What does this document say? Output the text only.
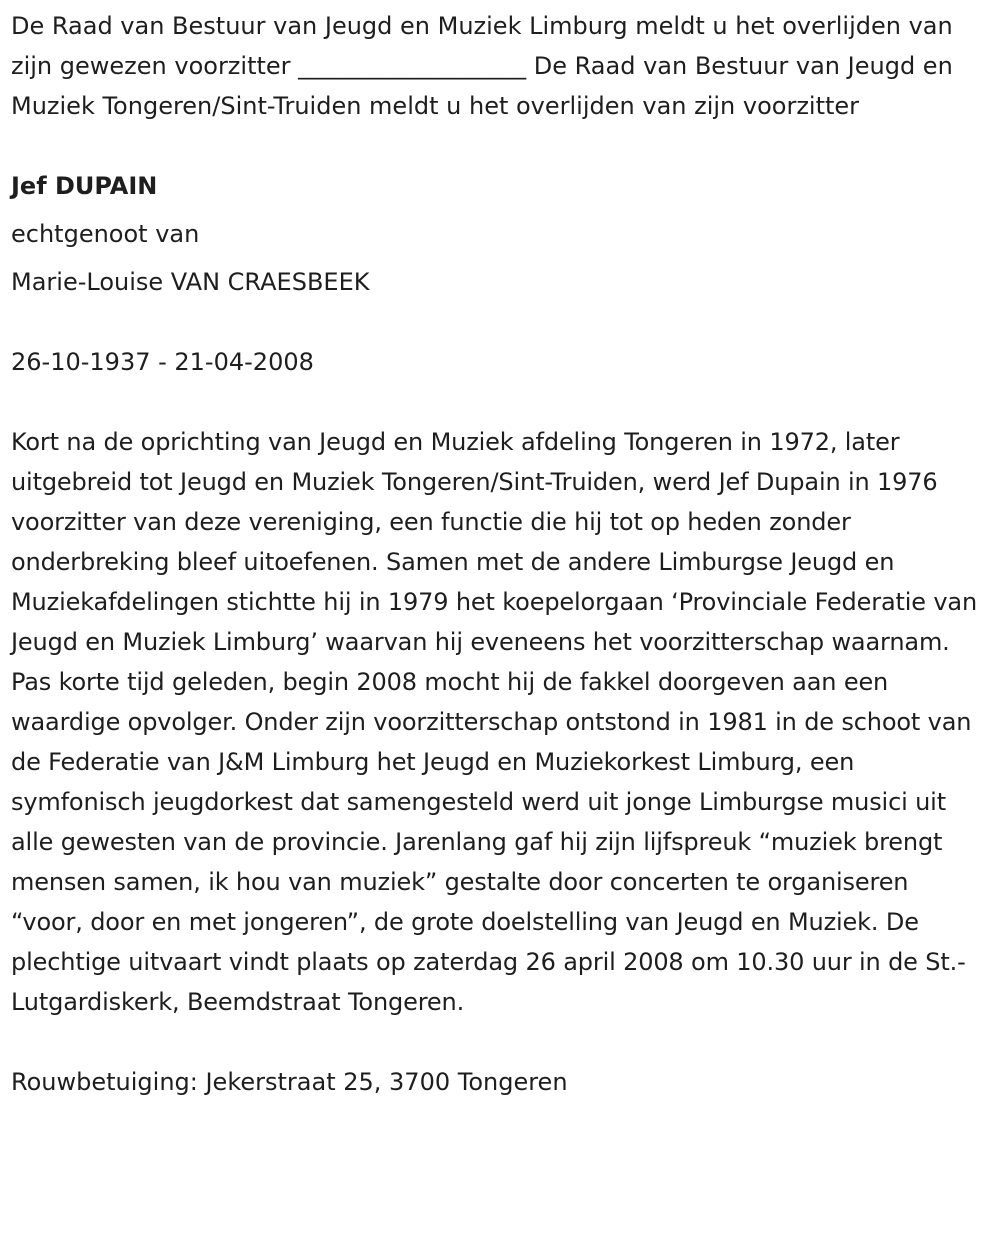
De Raad van Bestuur van Jeugd en Muziek Limburg meldt u het overlijden van zijn gewezen voorzitter ___________________ De Raad van Bestuur van Jeugd en Muziek Tongeren/Sint-Truiden meldt u het overlijden van zijn voorzitter

Jef DUPAIN

echtgenoot van

Marie-Louise VAN CRAESBEEK

26-10-1937 - 21-04-2008

Kort na de oprichting van Jeugd en Muziek afdeling Tongeren in 1972, later uitgebreid tot Jeugd en Muziek Tongeren/Sint-Truiden, werd Jef Dupain in 1976 voorzitter van deze vereniging, een functie die hij tot op heden zonder onderbreking bleef uitoefenen. Samen met de andere Limburgse Jeugd en Muziekafdelingen stichtte hij in 1979 het koepelorgaan ‘Provinciale Federatie van Jeugd en Muziek Limburg’ waarvan hij eveneens het voorzitterschap waarnam. Pas korte tijd geleden, begin 2008 mocht hij de fakkel doorgeven aan een waardige opvolger. Onder zijn voorzitterschap ontstond in 1981 in de schoot van de Federatie van J&M Limburg het Jeugd en Muziekorkest Limburg, een symfonisch jeugdorkest dat samengesteld werd uit jonge Limburgse musici uit alle gewesten van de provincie. Jarenlang gaf hij zijn lijfspreuk “muziek brengt mensen samen, ik hou van muziek” gestalte door concerten te organiseren “voor, door en met jongeren”, de grote doelstelling van Jeugd en Muziek. De plechtige uitvaart vindt plaats op zaterdag 26 april 2008 om 10.30 uur in de St.-Lutgardiskerk, Beemdstraat Tongeren.

Rouwbetuiging: Jekerstraat 25, 3700 Tongeren
